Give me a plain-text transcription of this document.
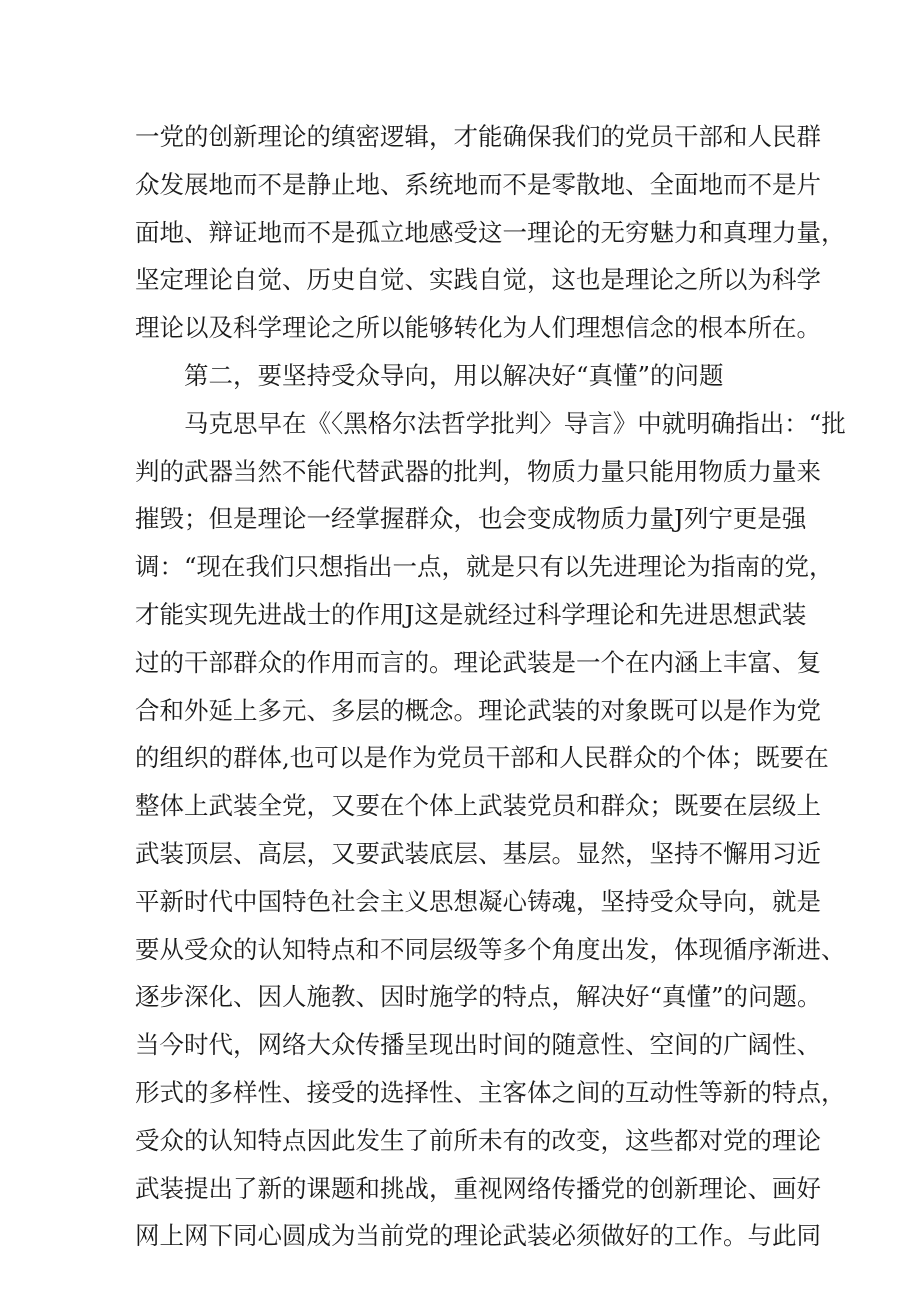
一党的创新理论的缜密逻辑，才能确保我们的党员干部和人民群
众发展地而不是静止地、系统地而不是零散地、全面地而不是片
面地、辩证地而不是孤立地感受这一理论的无穷魅力和真理力量，
坚定理论自觉、历史自觉、实践自觉，这也是理论之所以为科学
理论以及科学理论之所以能够转化为人们理想信念的根本所在。
第二，要坚持受众导向，用以解决好“真懂”的问题
马克思早在《〈黑格尔法哲学批判〉导言》中就明确指出：“批
判的武器当然不能代替武器的批判，物质力量只能用物质力量来
摧毁；但是理论一经掌握群众，也会变成物质力量J列宁更是强
调：“现在我们只想指出一点，就是只有以先进理论为指南的党，
才能实现先进战士的作用J这是就经过科学理论和先进思想武装
过的干部群众的作用而言的。理论武装是一个在内涵上丰富、复
合和外延上多元、多层的概念。理论武装的对象既可以是作为党
的组织的群体,也可以是作为党员干部和人民群众的个体；既要在
整体上武装全党，又要在个体上武装党员和群众；既要在层级上
武装顶层、高层，又要武装底层、基层。显然，坚持不懈用习近
平新时代中国特色社会主义思想凝心铸魂，坚持受众导向，就是
要从受众的认知特点和不同层级等多个角度出发，体现循序渐进、
逐步深化、因人施教、因时施学的特点，解决好“真懂”的问题。
当今时代，网络大众传播呈现出时间的随意性、空间的广阔性、
形式的多样性、接受的选择性、主客体之间的互动性等新的特点，
受众的认知特点因此发生了前所未有的改变，这些都对党的理论
武装提出了新的课题和挑战，重视网络传播党的创新理论、画好
网上网下同心圆成为当前党的理论武装必须做好的工作。与此同
